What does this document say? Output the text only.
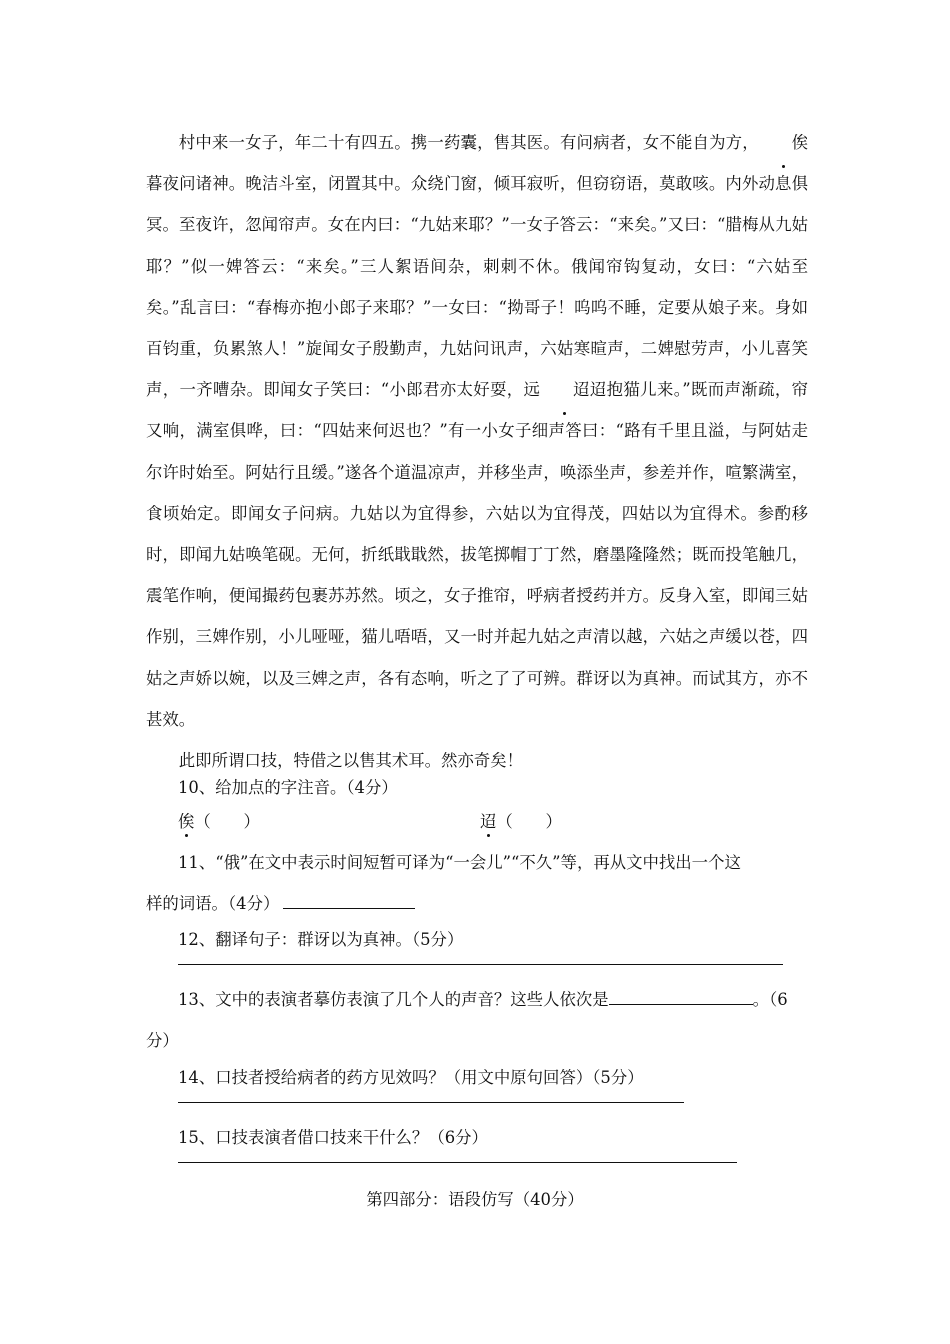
村中来一女子，年二十有四五。携一药囊，售其医。有问病者，女不能自为方， 俟暮夜问诸神。晚洁斗室，闭置其中。众绕门窗，倾耳寂听，但窃窃语，莫敢咳。内外动息俱冥。至夜许，忽闻帘声。女在内曰：“九姑来耶？”一女子答云：“来矣。”又曰：“腊梅从九姑耶？”似一婢答云：“来矣。”三人絮语间杂，刺刺不休。俄闻帘钩复动，女曰：“六姑至矣。”乱言曰：“春梅亦抱小郎子来耶？”一女曰：“拗哥子！呜呜不睡，定要从娘子来。身如百钧重，负累煞人！”旋闻女子殷勤声，九姑问讯声，六姑寒暄声，二婢慰劳声，小儿喜笑声，一齐嘈杂。即闻女子笑曰：“小郎君亦太好耍，远 迢迢抱猫儿来。”既而声渐疏，帘又响，满室俱哗，曰：“四姑来何迟也？”有一小女子细声答曰：“路有千里且溢，与阿姑走尔许时始至。阿姑行且缓。”遂各个道温凉声，并移坐声，唤添坐声，参差并作，喧繁满室，食顷始定。即闻女子问病。九姑以为宜得参，六姑以为宜得茂，四姑以为宜得术。参酌移时，即闻九姑唤笔砚。无何，折纸戢戢然，拔笔掷帽丁丁然，磨墨隆隆然；既而投笔触几，震笔作响，便闻撮药包裹苏苏然。顷之，女子推帘，呼病者授药并方。反身入室，即闻三姑作别，三婢作别，小儿哑哑，猫儿唔唔，又一时并起九姑之声清以越，六姑之声缓以苍，四姑之声娇以婉，以及三婢之声，各有态响，听之了了可辨。群讶以为真神。而试其方，亦不甚效。

此即所谓口技，特借之以售其术耳。然亦奇矣！

10、给加点的字注音。（4分）
俟（　　）	迢（　　）
11、“俄”在文中表示时间短暂可译为“一会儿”“不久”等，再从文中找出一个这
样的词语。（4分）
12、翻译句子：群讶以为真神。（5分）
13、文中的表演者摹仿表演了几个人的声音？这些人依次是	。（6
分）
14、口技者授给病者的药方见效吗？（用文中原句回答）（5分）
15、口技表演者借口技来干什么？（6分）
第四部分：语段仿写（40分）
